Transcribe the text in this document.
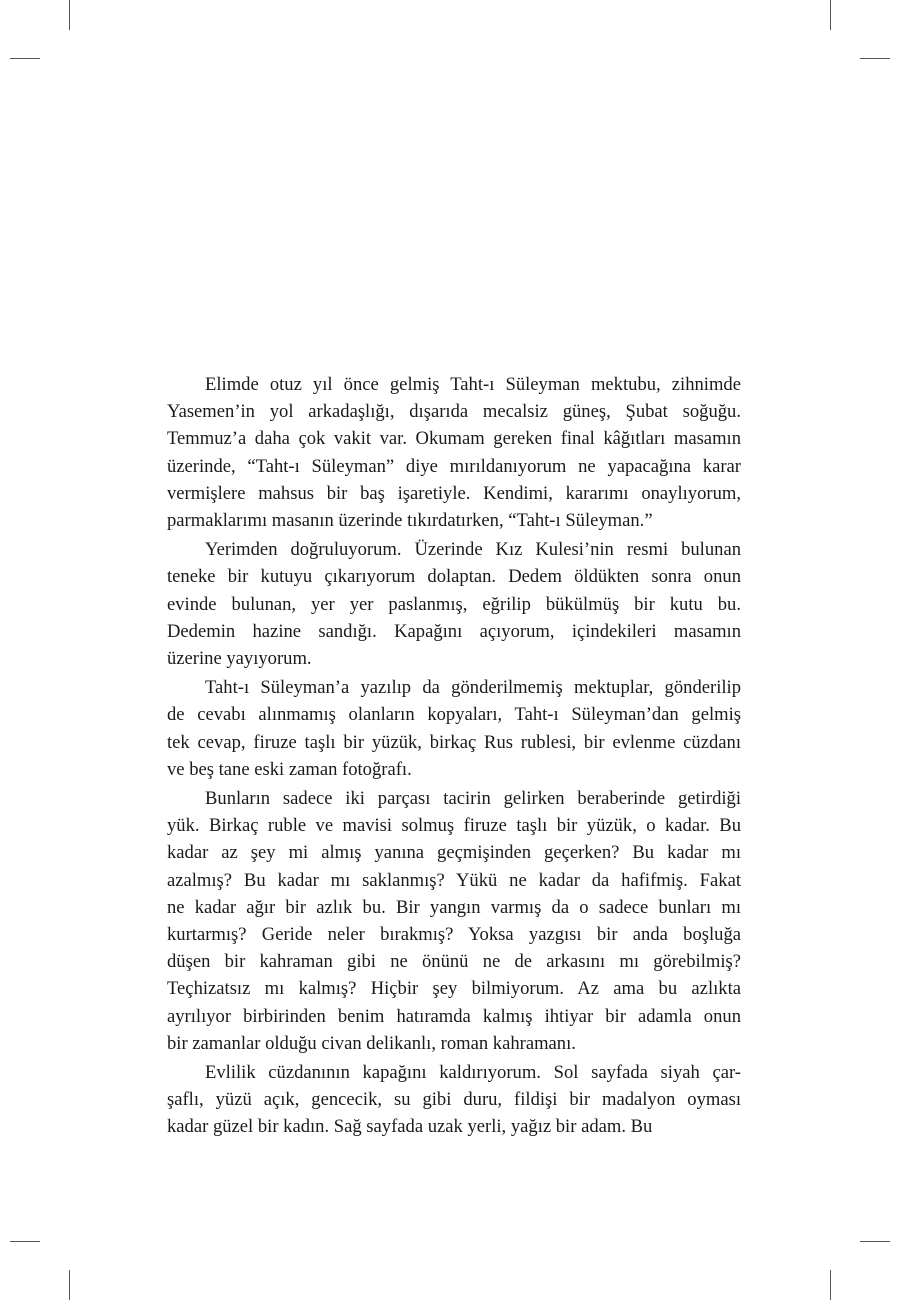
Elimde otuz yıl önce gelmiş Taht-ı Süleyman mektubu, zihnimde
Yasemen’in yol arkadaşlığı, dışarıda mecalsiz güneş, Şubat soğuğu.
Temmuz’a daha çok vakit var. Okumam gereken final kâğıtları masamın
üzerinde, “Taht-ı Süleyman” diye mırıldanıyorum ne yapacağına karar
vermişlere mahsus bir baş işaretiyle. Kendimi, kararımı onaylıyorum,
parmaklarımı masanın üzerinde tıkırdatırken, “Taht-ı Süleyman.”
Yerimden doğruluyorum. Üzerinde Kız Kulesi’nin resmi bulunan
teneke bir kutuyu çıkarıyorum dolaptan. Dedem öldükten sonra onun
evinde bulunan, yer yer paslanmış, eğrilip bükülmüş bir kutu bu.
Dedemin hazine sandığı. Kapağını açıyorum, içindekileri masamın
üzerine yayıyorum.
Taht-ı Süleyman’a yazılıp da gönderilmemiş mektuplar, gönderilip
de cevabı alınmamış olanların kopyaları, Taht-ı Süleyman’dan gelmiş
tek cevap, firuze taşlı bir yüzük, birkaç Rus rublesi, bir evlenme cüzdanı
ve beş tane eski zaman fotoğrafı.
Bunların sadece iki parçası tacirin gelirken beraberinde getirdiği
yük. Birkaç ruble ve mavisi solmuş firuze taşlı bir yüzük, o kadar. Bu
kadar az şey mi almış yanına geçmişinden geçerken? Bu kadar mı
azalmış? Bu kadar mı saklanmış? Yükü ne kadar da hafifmiş. Fakat
ne kadar ağır bir azlık bu. Bir yangın varmış da o sadece bunları mı
kurtarmış? Geride neler bırakmış? Yoksa yazgısı bir anda boşluğa
düşen bir kahraman gibi ne önünü ne de arkasını mı görebilmiş?
Teçhizatsız mı kalmış? Hiçbir şey bilmiyorum. Az ama bu azlıkta
ayrılıyor birbirinden benim hatıramda kalmış ihtiyar bir adamla onun
bir zamanlar olduğu civan delikanlı, roman kahramanı.
Evlilik cüzdanının kapağını kaldırıyorum. Sol sayfada siyah çar-
şaflı, yüzü açık, gencecik, su gibi duru, fildişi bir madalyon oyması
kadar güzel bir kadın. Sağ sayfada uzak yerli, yağız bir adam. Bu
